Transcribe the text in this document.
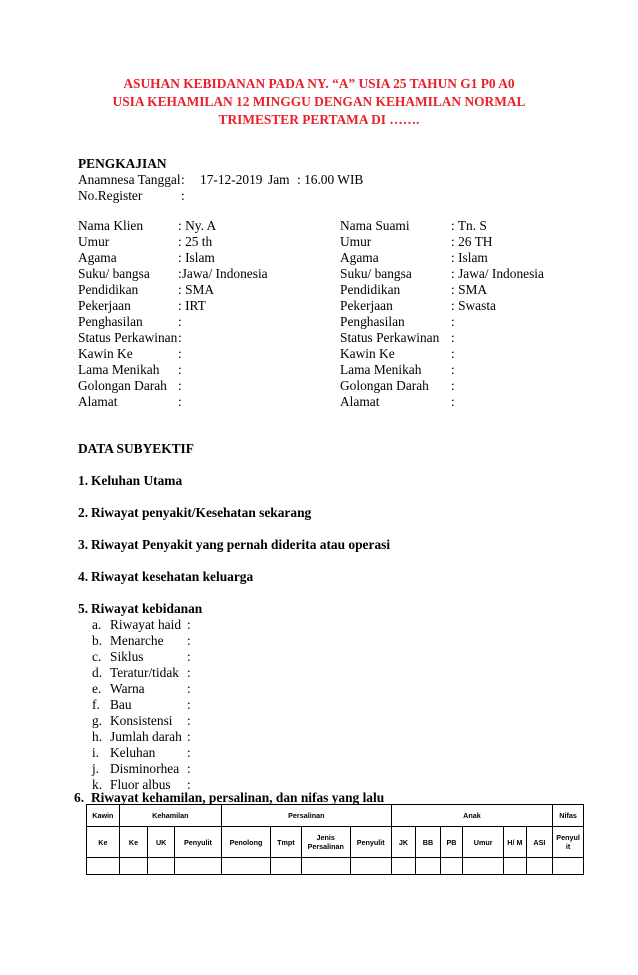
ASUHAN KEBIDANAN PADA NY. “A” USIA 25 TAHUN G1 P0 A0
USIA KEHAMILAN 12 MINGGU DENGAN KEHAMILAN NORMAL
TRIMESTER PERTAMA DI …….
PENGKAJIAN
Anamnesa Tanggal : 17-12-2019 Jam : 16.00 WIB
No.Register	:
Nama Klien	: Ny. A
Umur	: 25 th
Agama	: Islam
Suku/ bangsa :Jawa/ Indonesia
Pendidikan	: SMA
Pekerjaan	: IRT
Penghasilan	:
Status Perkawinan :
Kawin Ke	:
Lama Menikah :
Golongan Darah :
Alamat	:
Nama Suami	: Tn. S
Umur	: 26 TH
Agama	: Islam
Suku/ bangsa	: Jawa/ Indonesia
Pendidikan	: SMA
Pekerjaan	: Swasta
Penghasilan	:
Status Perkawinan :
Kawin Ke	:
Lama Menikah :
Golongan Darah :
Alamat	:
DATA SUBYEKTIF
1. Keluhan Utama
2. Riwayat penyakit/Kesehatan sekarang
3. Riwayat Penyakit yang pernah diderita atau operasi
4. Riwayat kesehatan keluarga
5. Riwayat kebidanan
a. Riwayat haid :
b. Menarche :
c. Siklus	:
d. Teratur/tidak :
e. Warna	:
f. Bau	:
g. Konsistensi :
h. Jumlah darah :
i. Keluhan :
j. Disminorhea :
k. Fluor albus :
6. Riwayat kehamilan, persalinan, dan nifas yang lalu
Kawin	Kehamilan			Persalinan				Anak						Nifas
Ke	Ke	UK	Penyulit	Penolong	Tmpt	Jenis Persalinan	Penyulit	JK	BB	PB	Umur	H/ M	ASI	Penyul it
